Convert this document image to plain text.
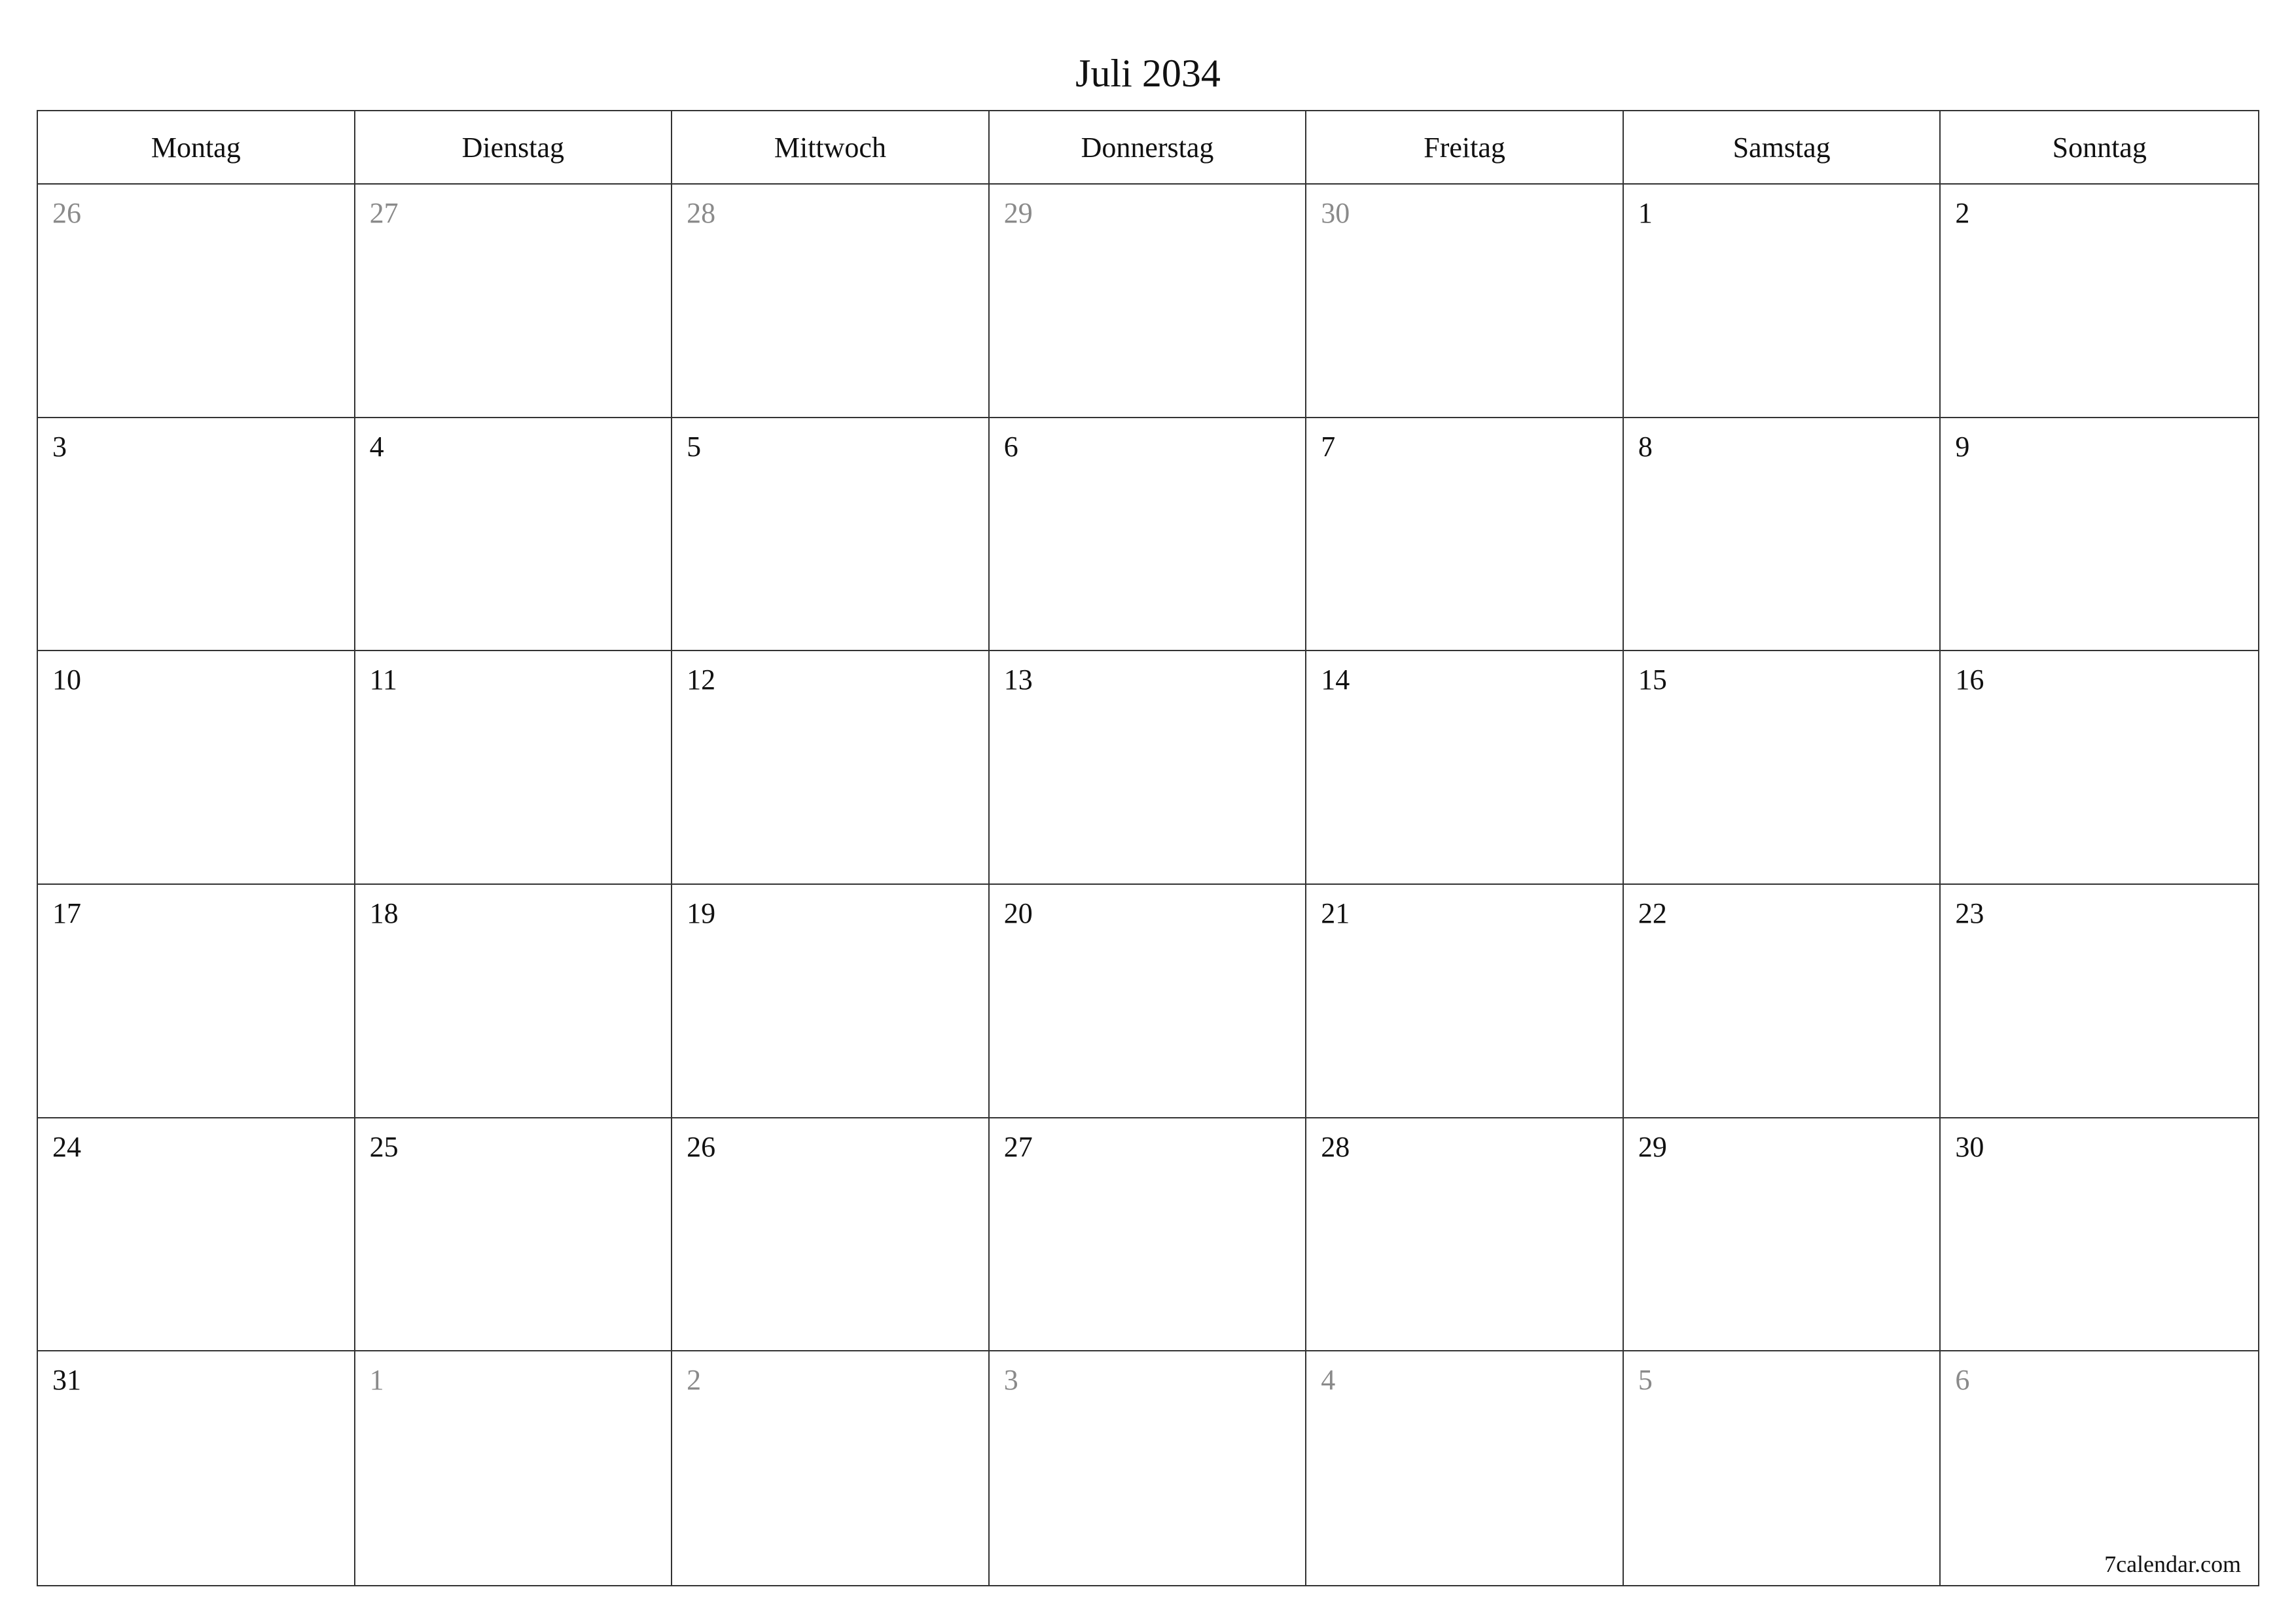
Juli 2034
Montag	Dienstag	Mittwoch	Donnerstag	Freitag	Samstag	Sonntag
26	27	28	29	30	1	2
3	4	5	6	7	8	9
10	11	12	13	14	15	16
17	18	19	20	21	22	23
24	25	26	27	28	29	30
31	1	2	3	4	5	6
7calendar.com
